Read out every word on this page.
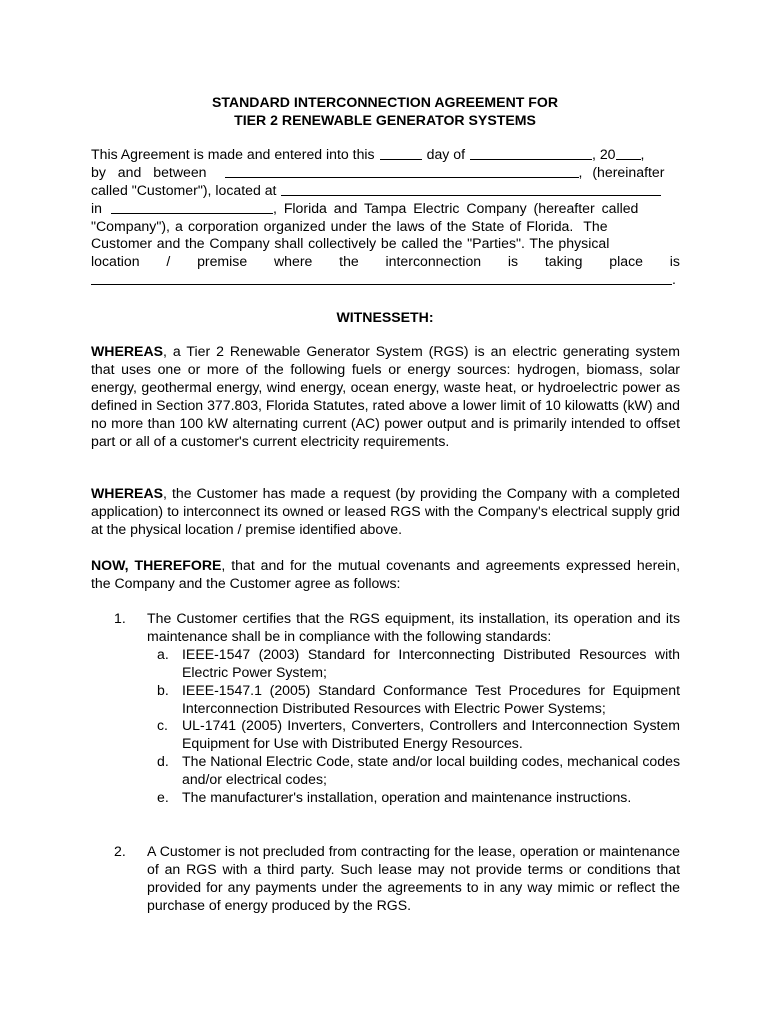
STANDARD INTERCONNECTION AGREEMENT FOR
TIER 2 RENEWABLE GENERATOR SYSTEMS
This Agreement is made and entered into this	day of	, 20 ,
by and between	, (hereinafter
called "Customer"), located at
in	, Florida and Tampa Electric Company (hereafter called
"Company"), a corporation organized under the laws of the State of Florida.  The
Customer and the Company shall collectively be called the "Parties". The physical
location / premise where the interconnection is taking place is
.
WITNESSETH:
WHEREAS, a Tier 2 Renewable Generator System (RGS) is an electric generating system that uses one or more of the following fuels or energy sources: hydrogen, biomass, solar energy, geothermal energy, wind energy, ocean energy, waste heat, or hydroelectric power as defined in Section 377.803, Florida Statutes, rated above a lower limit of 10 kilowatts (kW) and no more than 100 kW alternating current (AC) power output and is primarily intended to offset part or all of a customer's current electricity requirements.
WHEREAS, the Customer has made a request (by providing the Company with a completed application) to interconnect its owned or leased RGS with the Company's electrical supply grid at the physical location / premise identified above.
NOW, THEREFORE, that and for the mutual covenants and agreements expressed herein, the Company and the Customer agree as follows:
1. The Customer certifies that the RGS equipment, its installation, its operation and its maintenance shall be in compliance with the following standards:
a. IEEE-1547 (2003) Standard for Interconnecting Distributed Resources with Electric Power System;
b. IEEE-1547.1 (2005) Standard Conformance Test Procedures for Equipment Interconnection Distributed Resources with Electric Power Systems;
c. UL-1741 (2005) Inverters, Converters, Controllers and Interconnection System Equipment for Use with Distributed Energy Resources.
d. The National Electric Code, state and/or local building codes, mechanical codes and/or electrical codes;
e. The manufacturer's installation, operation and maintenance instructions.
2. A Customer is not precluded from contracting for the lease, operation or maintenance of an RGS with a third party. Such lease may not provide terms or conditions that provided for any payments under the agreements to in any way mimic or reflect the purchase of energy produced by the RGS.
